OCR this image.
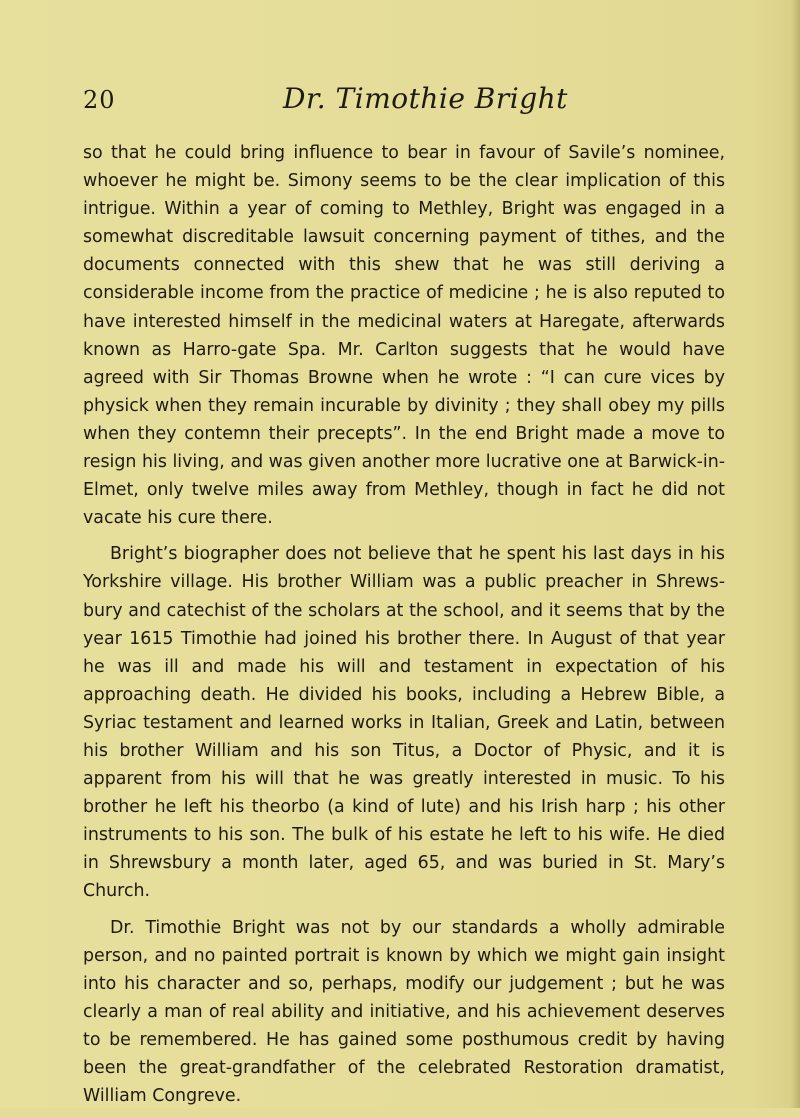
20	Dr. Timothie Bright

so that he could bring influence to bear in favour of Savile’s nominee, whoever he might be. Simony seems to be the clear implication of this intrigue. Within a year of coming to Methley, Bright was engaged in a somewhat discreditable lawsuit concerning payment of tithes, and the documents connected with this shew that he was still deriving a considerable income from the practice of medicine ; he is also reputed to have interested himself in the medicinal waters at Haregate, afterwards known as Harro-gate Spa. Mr. Carlton suggests that he would have agreed with Sir Thomas Browne when he wrote : “I can cure vices by physick when they remain incurable by divinity ; they shall obey my pills when they contemn their precepts”. In the end Bright made a move to resign his living, and was given another more lucrative one at Barwick-in-Elmet, only twelve miles away from Methley, though in fact he did not vacate his cure there.

Bright’s biographer does not believe that he spent his last days in his Yorkshire village. His brother William was a public preacher in Shrews-bury and catechist of the scholars at the school, and it seems that by the year 1615 Timothie had joined his brother there. In August of that year he was ill and made his will and testament in expectation of his approaching death. He divided his books, including a Hebrew Bible, a Syriac testament and learned works in Italian, Greek and Latin, between his brother William and his son Titus, a Doctor of Physic, and it is apparent from his will that he was greatly interested in music. To his brother he left his theorbo (a kind of lute) and his Irish harp ; his other instruments to his son. The bulk of his estate he left to his wife. He died in Shrewsbury a month later, aged 65, and was buried in St. Mary’s Church.

Dr. Timothie Bright was not by our standards a wholly admirable person, and no painted portrait is known by which we might gain insight into his character and so, perhaps, modify our judgement ; but he was clearly a man of real ability and initiative, and his achievement deserves to be remembered. He has gained some posthumous credit by having been the great-grandfather of the celebrated Restoration dramatist, William Congreve.
